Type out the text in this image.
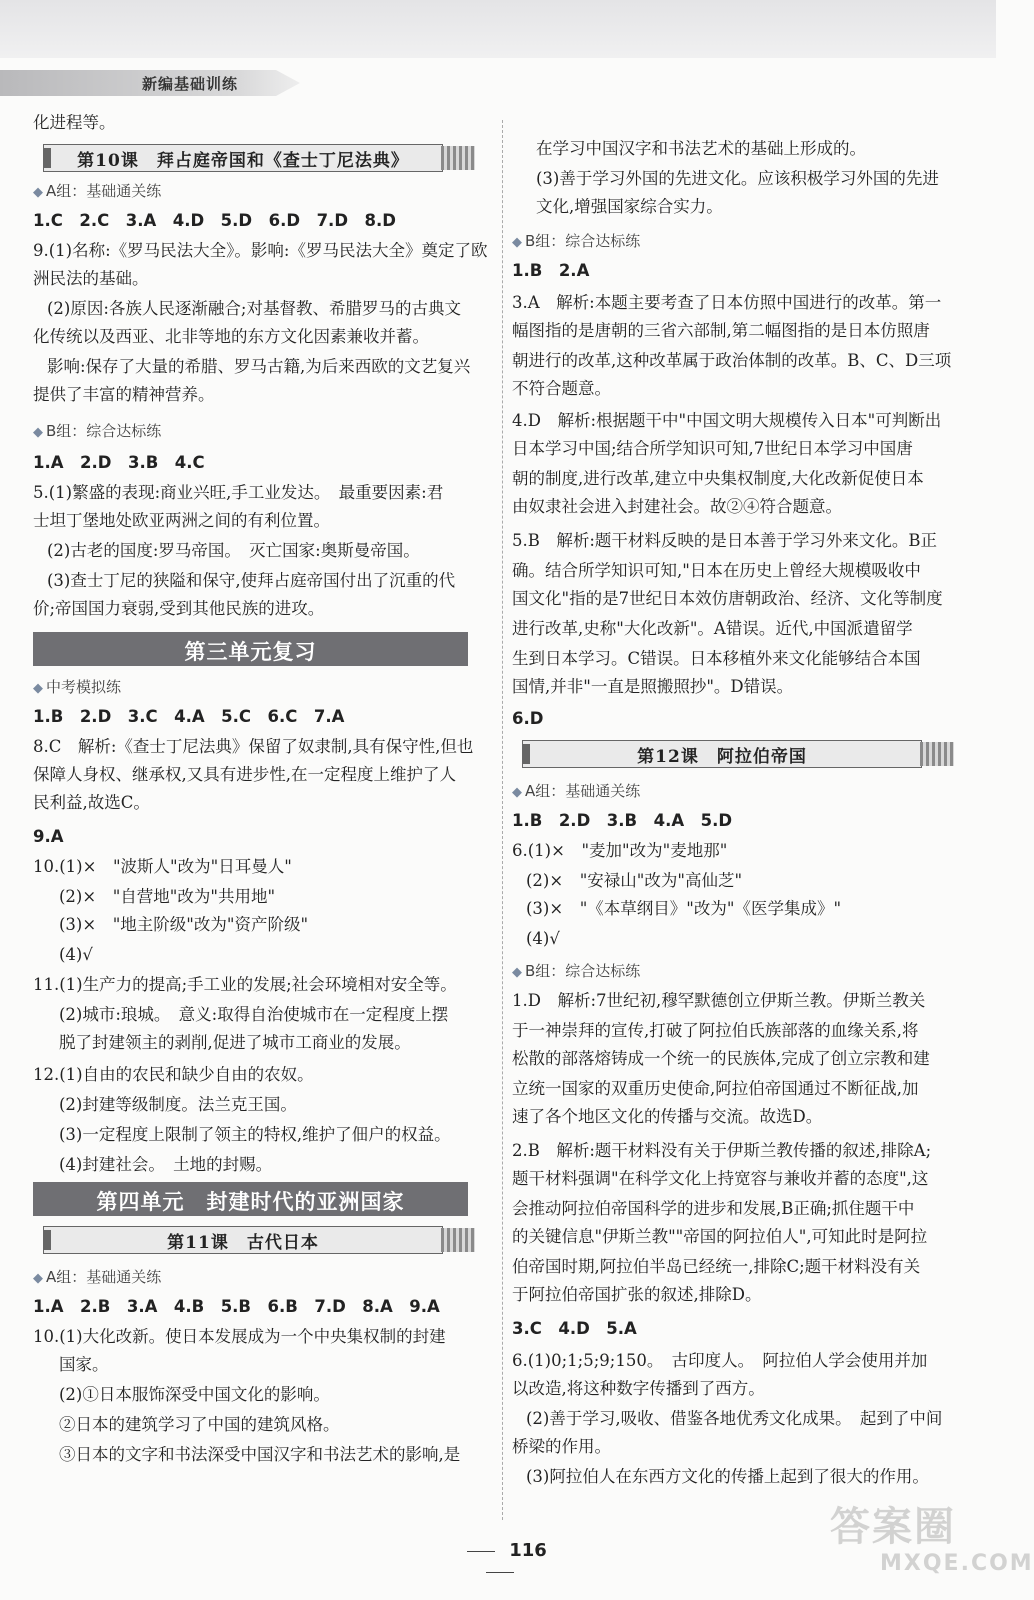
新编基础训练
化进程等。
第10课　拜占庭帝国和《查士丁尼法典》
◆ A组：基础通关练
1.C　2.C　3.A　4.D　5.D　6.D　7.D　8.D
9.(1)名称:《罗马民法大全》。影响:《罗马民法大全》奠定了欧
洲民法的基础。
(2)原因:各族人民逐渐融合;对基督教、希腊罗马的古典文
化传统以及西亚、北非等地的东方文化因素兼收并蓄。
影响:保存了大量的希腊、罗马古籍,为后来西欧的文艺复兴
提供了丰富的精神营养。
◆ B组：综合达标练
1.A　2.D　3.B　4.C
5.(1)繁盛的表现:商业兴旺,手工业发达。　最重要因素:君
士坦丁堡地处欧亚两洲之间的有利位置。
(2)古老的国度:罗马帝国。　灭亡国家:奥斯曼帝国。
(3)查士丁尼的狭隘和保守,使拜占庭帝国付出了沉重的代
价;帝国国力衰弱,受到其他民族的进攻。
第三单元复习
◆ 中考模拟练
1.B　2.D　3.C　4.A　5.C　6.C　7.A
8.C　解析:《查士丁尼法典》保留了奴隶制,具有保守性,但也
保障人身权、继承权,又具有进步性,在一定程度上维护了人
民利益,故选C。
9.A
10.(1)×　"波斯人"改为"日耳曼人"
(2)×　"自营地"改为"共用地"
(3)×　"地主阶级"改为"资产阶级"
(4)√
11.(1)生产力的提高;手工业的发展;社会环境相对安全等。
(2)城市:琅城。　意义:取得自治使城市在一定程度上摆
脱了封建领主的剥削,促进了城市工商业的发展。
12.(1)自由的农民和缺少自由的农奴。
(2)封建等级制度。法兰克王国。
(3)一定程度上限制了领主的特权,维护了佃户的权益。
(4)封建社会。　土地的封赐。
第四单元　封建时代的亚洲国家
第11课　古代日本
◆ A组：基础通关练
1.A　2.B　3.A　4.B　5.B　6.B　7.D　8.A　9.A
10.(1)大化改新。使日本发展成为一个中央集权制的封建
国家。
(2)①日本服饰深受中国文化的影响。
②日本的建筑学习了中国的建筑风格。
③日本的文字和书法深受中国汉字和书法艺术的影响,是
在学习中国汉字和书法艺术的基础上形成的。
(3)善于学习外国的先进文化。应该积极学习外国的先进
文化,增强国家综合实力。
◆ B组：综合达标练
1.B　2.A
3.A　解析:本题主要考查了日本仿照中国进行的改革。第一
幅图指的是唐朝的三省六部制,第二幅图指的是日本仿照唐
朝进行的改革,这种改革属于政治体制的改革。B、C、D三项
不符合题意。
4.D　解析:根据题干中"中国文明大规模传入日本"可判断出
日本学习中国;结合所学知识可知,7世纪日本学习中国唐
朝的制度,进行改革,建立中央集权制度,大化改新促使日本
由奴隶社会进入封建社会。故②④符合题意。
5.B　解析:题干材料反映的是日本善于学习外来文化。B正
确。结合所学知识可知,"日本在历史上曾经大规模吸收中
国文化"指的是7世纪日本效仿唐朝政治、经济、文化等制度
进行改革,史称"大化改新"。A错误。近代,中国派遣留学
生到日本学习。C错误。日本移植外来文化能够结合本国
国情,并非"一直是照搬照抄"。D错误。
6.D
第12课　阿拉伯帝国
◆ A组：基础通关练
1.B　2.D　3.B　4.A　5.D
6.(1)×　"麦加"改为"麦地那"
(2)×　"安禄山"改为"高仙芝"
(3)×　"《本草纲目》"改为"《医学集成》"
(4)√
◆ B组：综合达标练
1.D　解析:7世纪初,穆罕默德创立伊斯兰教。伊斯兰教关
于一神崇拜的宣传,打破了阿拉伯氏族部落的血缘关系,将
松散的部落熔铸成一个统一的民族体,完成了创立宗教和建
立统一国家的双重历史使命,阿拉伯帝国通过不断征战,加
速了各个地区文化的传播与交流。故选D。
2.B　解析:题干材料没有关于伊斯兰教传播的叙述,排除A;
题干材料强调"在科学文化上持宽容与兼收并蓄的态度",这
会推动阿拉伯帝国科学的进步和发展,B正确;抓住题干中
的关键信息"伊斯兰教""帝国的阿拉伯人",可知此时是阿拉
伯帝国时期,阿拉伯半岛已经统一,排除C;题干材料没有关
于阿拉伯帝国扩张的叙述,排除D。
3.C　4.D　5.A
6.(1)0;1;5;9;150。　古印度人。　阿拉伯人学会使用并加
以改造,将这种数字传播到了西方。
(2)善于学习,吸收、借鉴各地优秀文化成果。　起到了中间
桥梁的作用。
(3)阿拉伯人在东西方文化的传播上起到了很大的作用。
116
答案圈
MXQE.COM
